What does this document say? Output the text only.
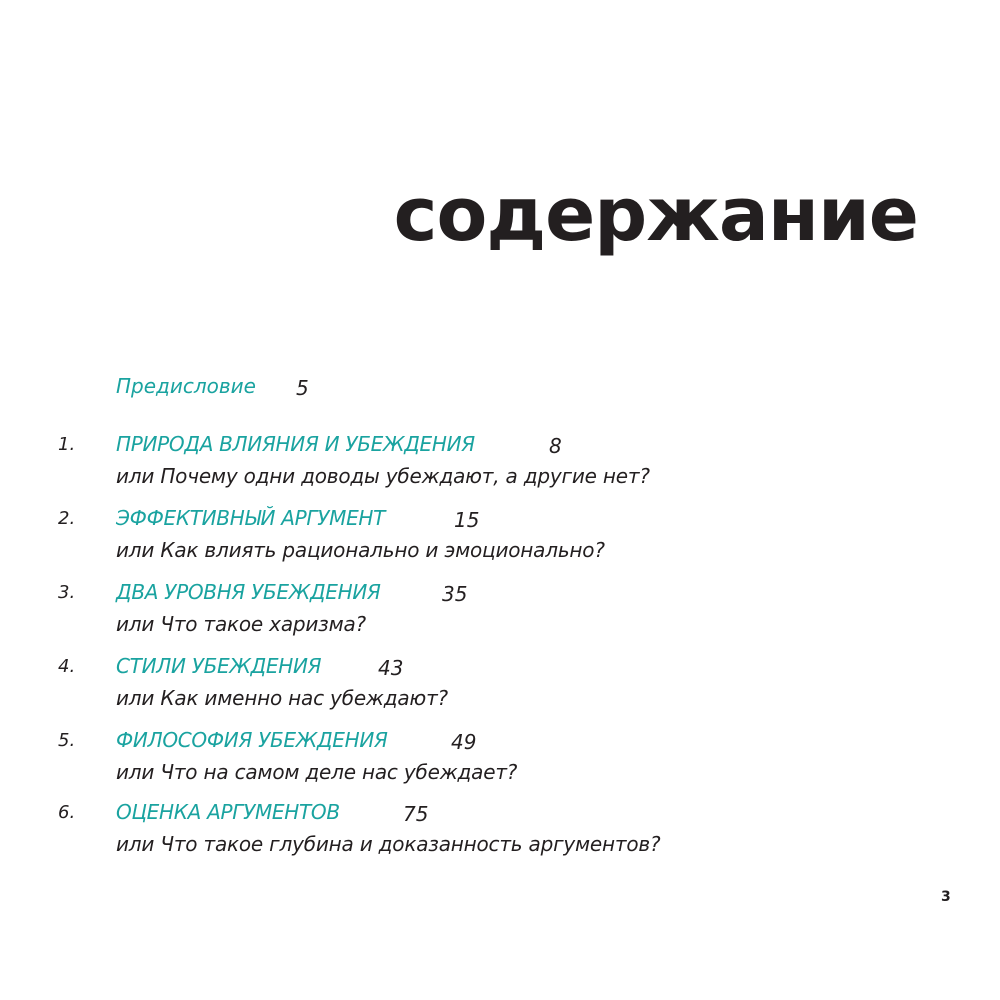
содержание
Предисловие 5
1. ПРИРОДА ВЛИЯНИЯ И УБЕЖДЕНИЯ	8
или Почему одни доводы убеждают, а другие нет?
2. ЭФФЕКТИВНЫЙ АРГУМЕНТ	15
или Как влиять рационально и эмоционально?
3. ДВА УРОВНЯ УБЕЖДЕНИЯ	35
или Что такое харизма?
4. СТИЛИ УБЕЖДЕНИЯ	43
или Как именно нас убеждают?
5. ФИЛОСОФИЯ УБЕЖДЕНИЯ	49
или Что на самом деле нас убеждает?
6. ОЦЕНКА АРГУМЕНТОВ	75
или Что такое глубина и доказанность аргументов?
3
